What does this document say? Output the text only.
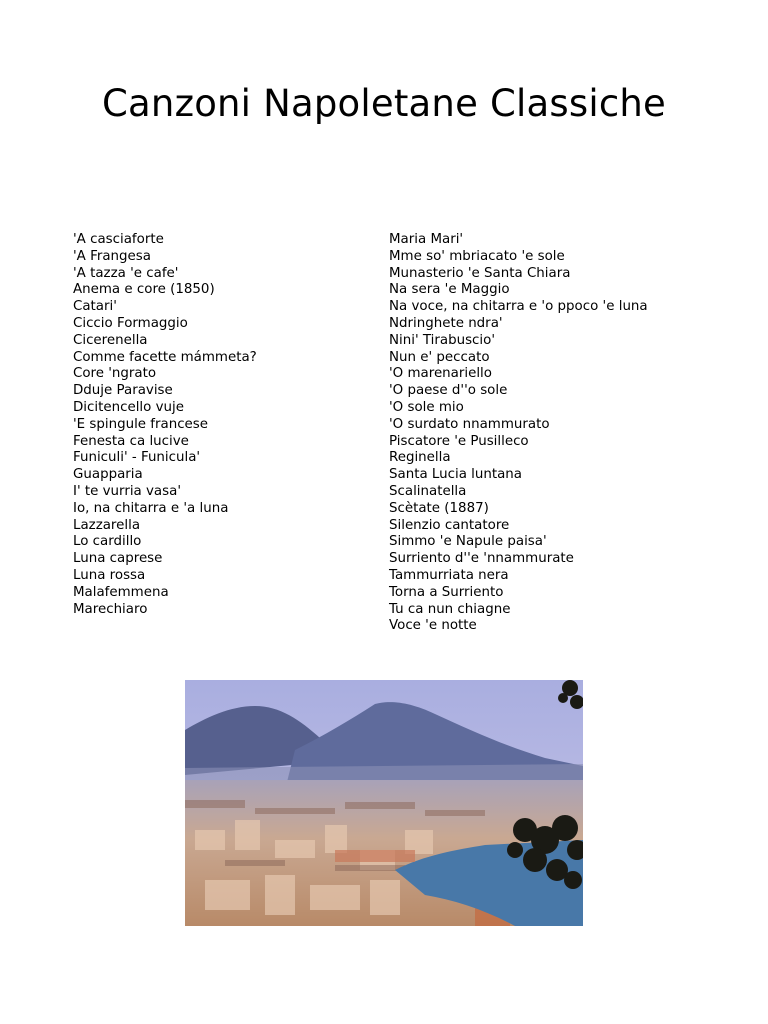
Canzoni Napoletane Classiche
'A casciaforte
'A Frangesa
'A tazza 'e cafe'
Anema e core (1850)
Catari'
Ciccio Formaggio
Cicerenella
Comme facette mámmeta?
Core 'ngrato
Dduje Paravise
Dicitencello vuje
'E spingule francese
Fenesta ca lucive
Funiculi' - Funicula'
Guapparia
I' te vurria vasa'
Io, na chitarra e 'a luna
Lazzarella
Lo cardillo
Luna caprese
Luna rossa
Malafemmena
Marechiaro
Maria Mari'
Mme so' mbriacato 'e sole
Munasterio 'e Santa Chiara
Na sera 'e Maggio
Na voce, na chitarra e 'o ppoco 'e luna
Ndringhete ndra'
Nini' Tirabuscio'
Nun e' peccato
'O marenariello
'O paese d''o sole
'O sole mio
'O surdato nnammurato
Piscatore 'e Pusilleco
Reginella
Santa Lucia luntana
Scalinatella
Scètate (1887)
Silenzio cantatore
Simmo 'e Napule paisa'
Surriento d''e 'nnammurate
Tammurriata nera
Torna a Surriento
Tu ca nun chiagne
Voce 'e notte
